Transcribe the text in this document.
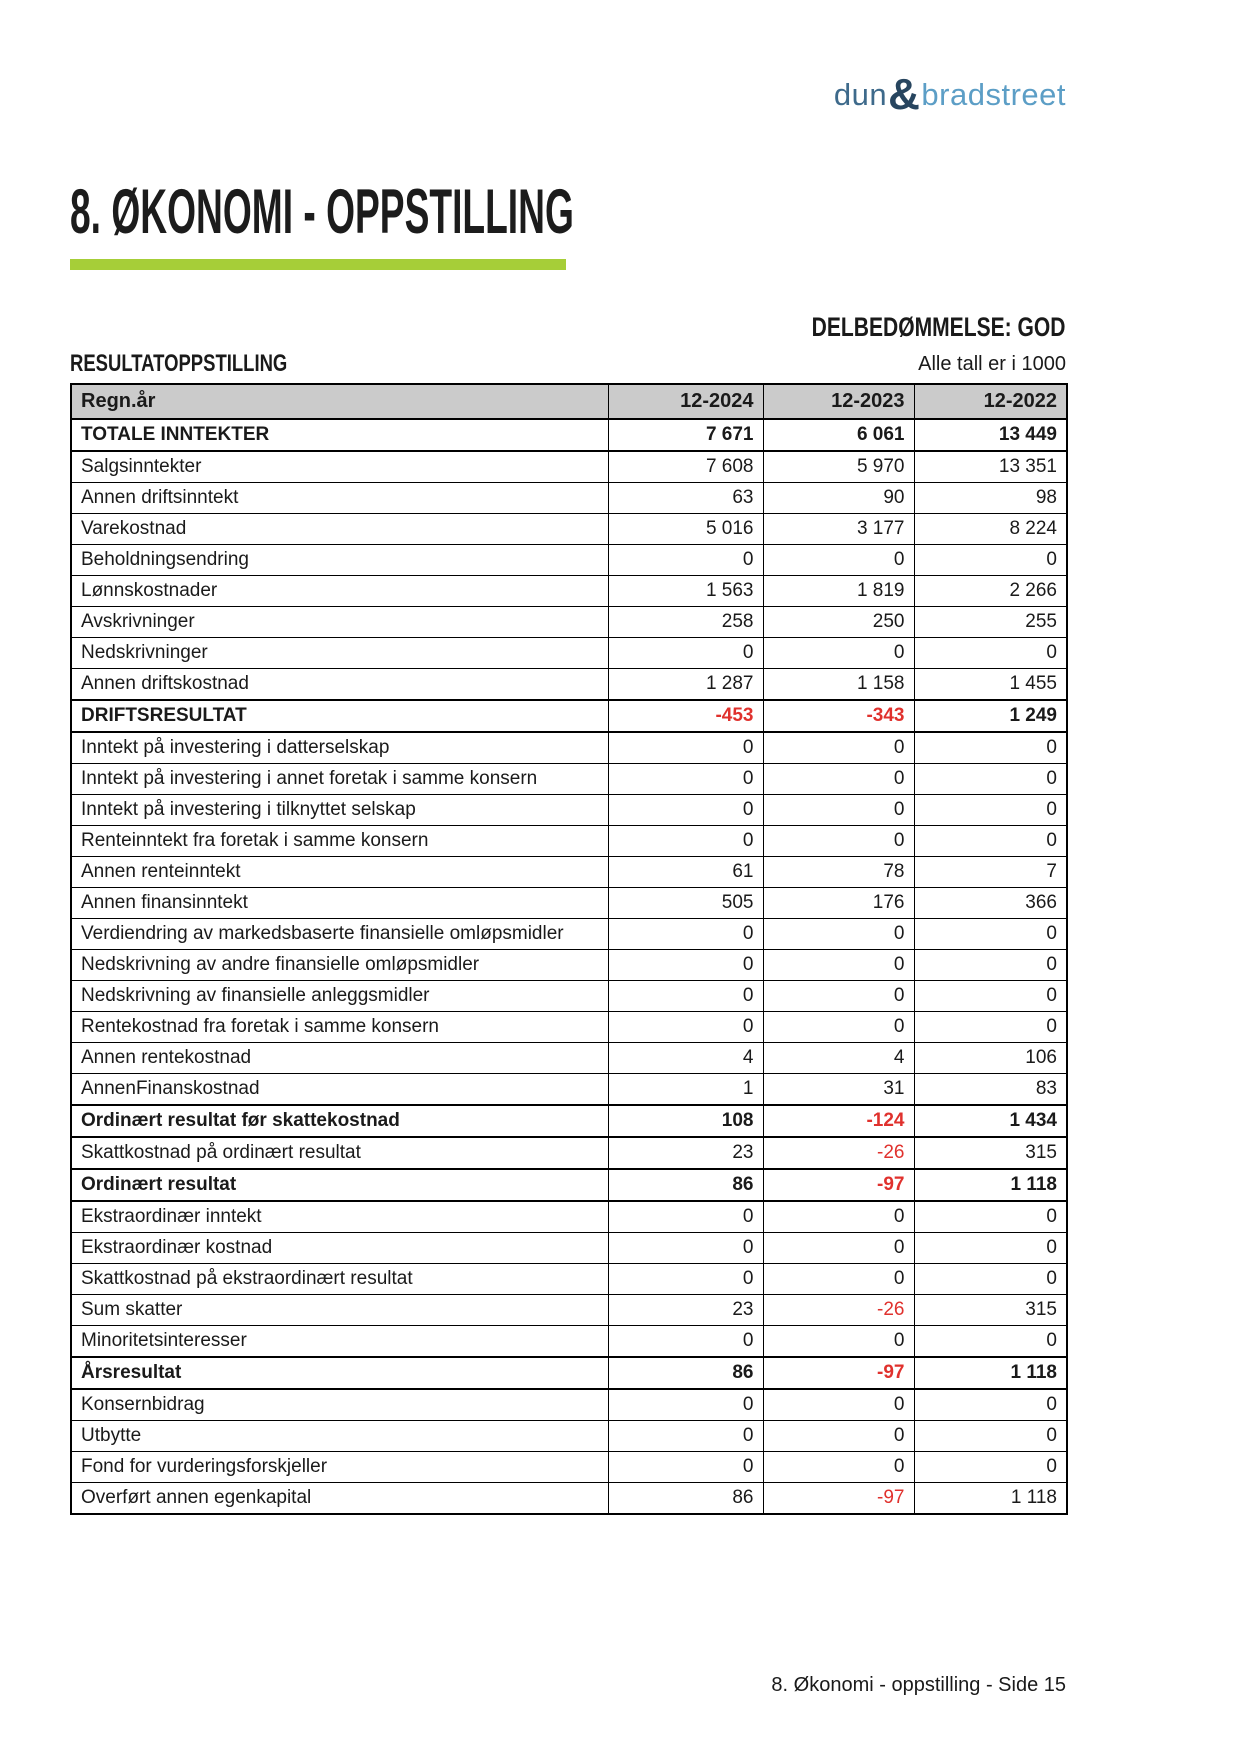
dun&bradstreet
8. ØKONOMI - OPPSTILLING
DELBEDØMMELSE: GOD
RESULTATOPPSTILLING	Alle tall er i 1000
Regn.år	12-2024	12-2023	12-2022
TOTALE INNTEKTER	7 671	6 061	13 449
Salgsinntekter	7 608	5 970	13 351
Annen driftsinntekt	63	90	98
Varekostnad	5 016	3 177	8 224
Beholdningsendring	0	0	0
Lønnskostnader	1 563	1 819	2 266
Avskrivninger	258	250	255
Nedskrivninger	0	0	0
Annen driftskostnad	1 287	1 158	1 455
DRIFTSRESULTAT	-453	-343	1 249
Inntekt på investering i datterselskap	0	0	0
Inntekt på investering i annet foretak i samme konsern	0	0	0
Inntekt på investering i tilknyttet selskap	0	0	0
Renteinntekt fra foretak i samme konsern	0	0	0
Annen renteinntekt	61	78	7
Annen finansinntekt	505	176	366
Verdiendring av markedsbaserte finansielle omløpsmidler	0	0	0
Nedskrivning av andre finansielle omløpsmidler	0	0	0
Nedskrivning av finansielle anleggsmidler	0	0	0
Rentekostnad fra foretak i samme konsern	0	0	0
Annen rentekostnad	4	4	106
AnnenFinanskostnad	1	31	83
Ordinært resultat før skattekostnad	108	-124	1 434
Skattkostnad på ordinært resultat	23	-26	315
Ordinært resultat	86	-97	1 118
Ekstraordinær inntekt	0	0	0
Ekstraordinær kostnad	0	0	0
Skattkostnad på ekstraordinært resultat	0	0	0
Sum skatter	23	-26	315
Minoritetsinteresser	0	0	0
Årsresultat	86	-97	1 118
Konsernbidrag	0	0	0
Utbytte	0	0	0
Fond for vurderingsforskjeller	0	0	0
Overført annen egenkapital	86	-97	1 118
8. Økonomi - oppstilling - Side 15
